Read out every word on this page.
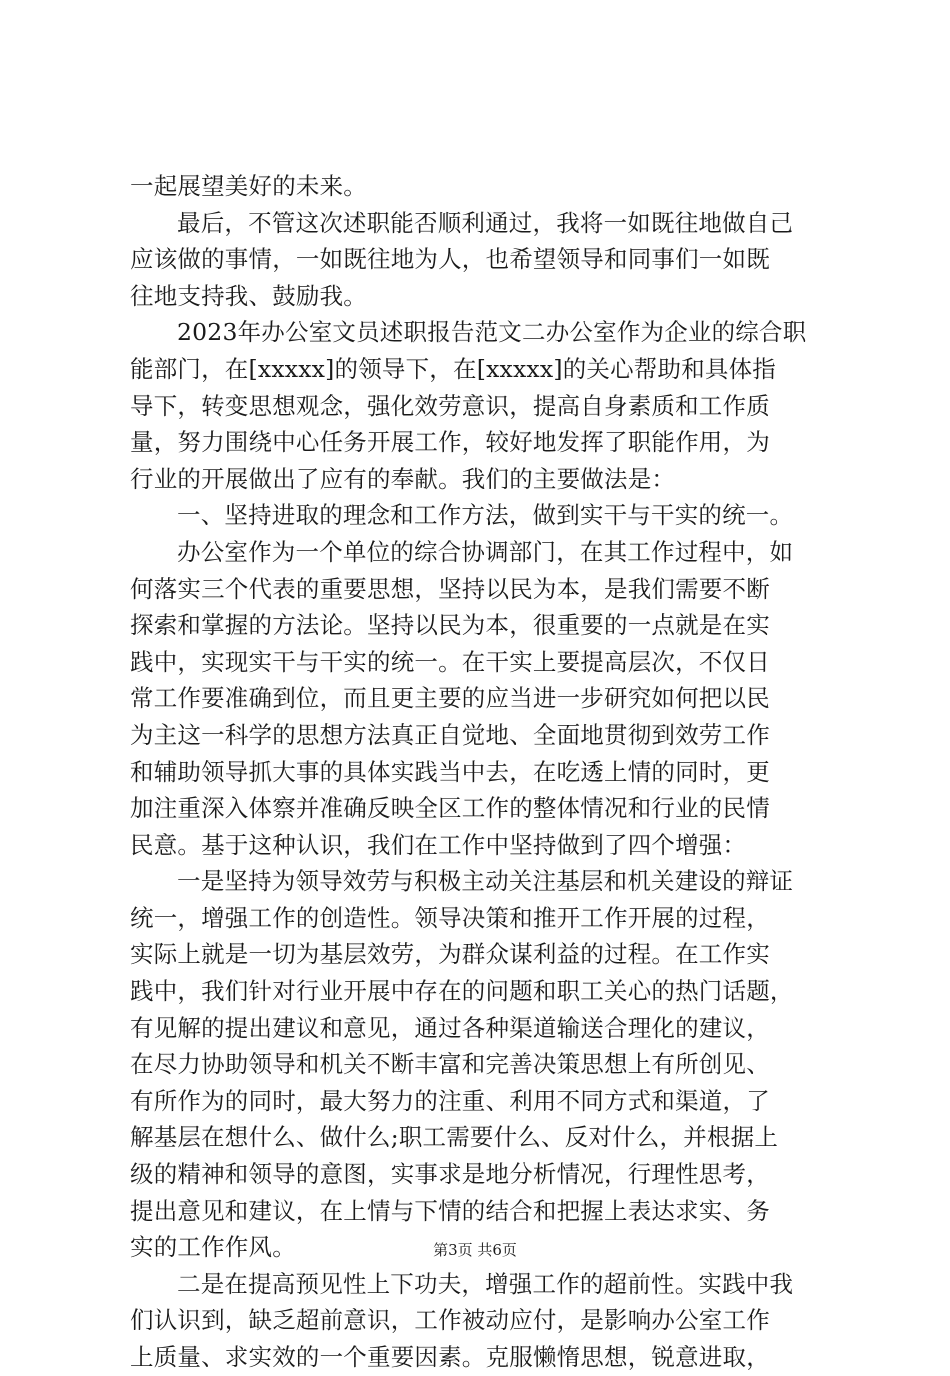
一起展望美好的未来。
最后，不管这次述职能否顺利通过，我将一如既往地做自己
应该做的事情，一如既往地为人，也希望领导和同事们一如既
往地支持我、鼓励我。
2023年办公室文员述职报告范文二办公室作为企业的综合职
能部门，在[xxxxx]的领导下，在[xxxxx]的关心帮助和具体指
导下，转变思想观念，强化效劳意识，提高自身素质和工作质
量，努力围绕中心任务开展工作，较好地发挥了职能作用，为
行业的开展做出了应有的奉献。我们的主要做法是：
一、坚持进取的理念和工作方法，做到实干与干实的统一。
办公室作为一个单位的综合协调部门，在其工作过程中，如
何落实三个代表的重要思想，坚持以民为本，是我们需要不断
探索和掌握的方法论。坚持以民为本，很重要的一点就是在实
践中，实现实干与干实的统一。在干实上要提高层次，不仅日
常工作要准确到位，而且更主要的应当进一步研究如何把以民
为主这一科学的思想方法真正自觉地、全面地贯彻到效劳工作
和辅助领导抓大事的具体实践当中去，在吃透上情的同时，更
加注重深入体察并准确反映全区工作的整体情况和行业的民情
民意。基于这种认识，我们在工作中坚持做到了四个增强：
一是坚持为领导效劳与积极主动关注基层和机关建设的辩证
统一，增强工作的创造性。领导决策和推开工作开展的过程，
实际上就是一切为基层效劳，为群众谋利益的过程。在工作实
践中，我们针对行业开展中存在的问题和职工关心的热门话题，
有见解的提出建议和意见，通过各种渠道输送合理化的建议，
在尽力协助领导和机关不断丰富和完善决策思想上有所创见、
有所作为的同时，最大努力的注重、利用不同方式和渠道，了
解基层在想什么、做什么;职工需要什么、反对什么，并根据上
级的精神和领导的意图，实事求是地分析情况，行理性思考，
提出意见和建议，在上情与下情的结合和把握上表达求实、务
实的工作作风。
二是在提高预见性上下功夫，增强工作的超前性。实践中我
们认识到，缺乏超前意识，工作被动应付，是影响办公室工作
上质量、求实效的一个重要因素。克服懒惰思想，锐意进取，
第3页 共6页
